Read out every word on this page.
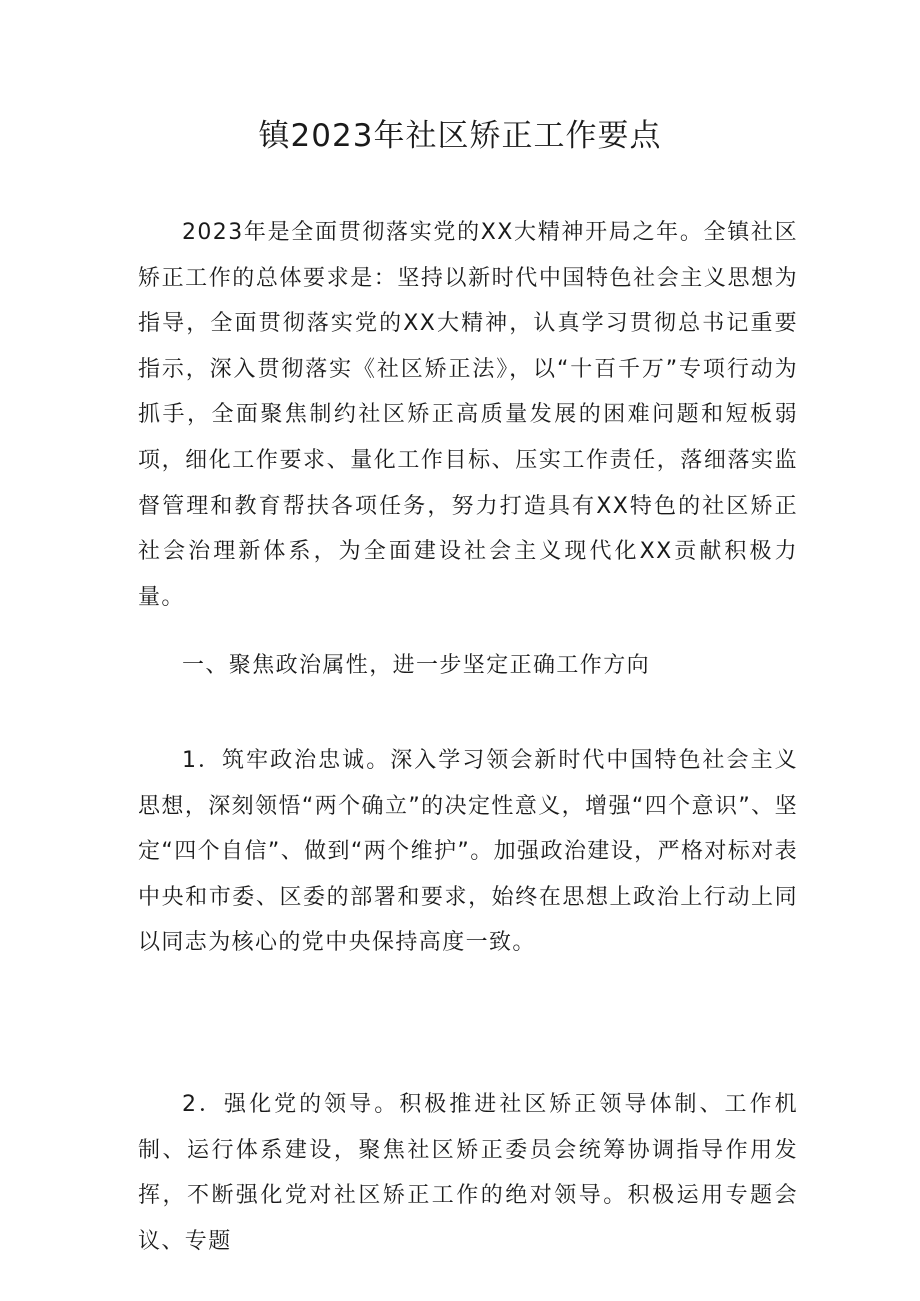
镇2023年社区矫正工作要点

2023年是全面贯彻落实党的XX大精神开局之年。全镇社区矫正工作的总体要求是：坚持以新时代中国特色社会主义思想为指导，全面贯彻落实党的XX大精神，认真学习贯彻总书记重要指示，深入贯彻落实《社区矫正法》，以“十百千万”专项行动为抓手，全面聚焦制约社区矫正高质量发展的困难问题和短板弱项，细化工作要求、量化工作目标、压实工作责任，落细落实监督管理和教育帮扶各项任务，努力打造具有XX特色的社区矫正社会治理新体系，为全面建设社会主义现代化XX贡献积极力量。

一、聚焦政治属性，进一步坚定正确工作方向

1．筑牢政治忠诚。深入学习领会新时代中国特色社会主义思想，深刻领悟“两个确立”的决定性意义，增强“四个意识”、坚定“四个自信”、做到“两个维护”。加强政治建设，严格对标对表中央和市委、区委的部署和要求，始终在思想上政治上行动上同以同志为核心的党中央保持高度一致。

2．强化党的领导。积极推进社区矫正领导体制、工作机制、运行体系建设，聚焦社区矫正委员会统筹协调指导作用发挥，不断强化党对社区矫正工作的绝对领导。积极运用专题会议、专题
